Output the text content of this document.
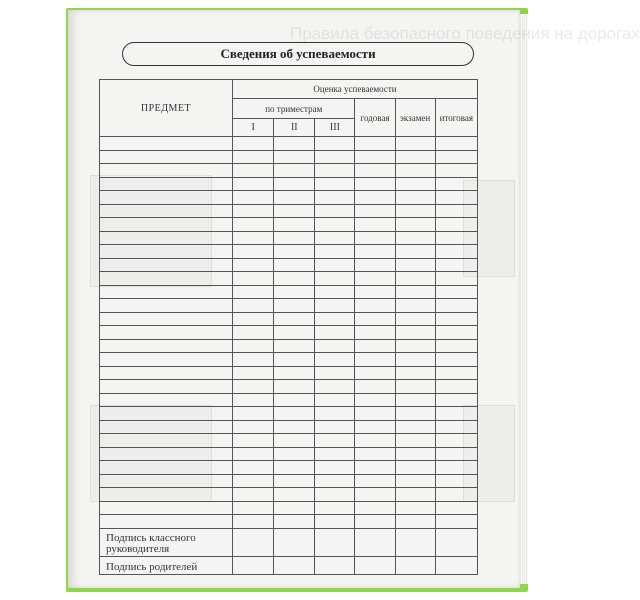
Правила безопасного поведения на дорогах
Сведения об успеваемости
ПРЕДМЕТ	Оценка успеваемости					
	по триместрам			годовая	экзамен	итоговая
	I	II	III			

Подпись классного руководителя						
Подпись родителей						
